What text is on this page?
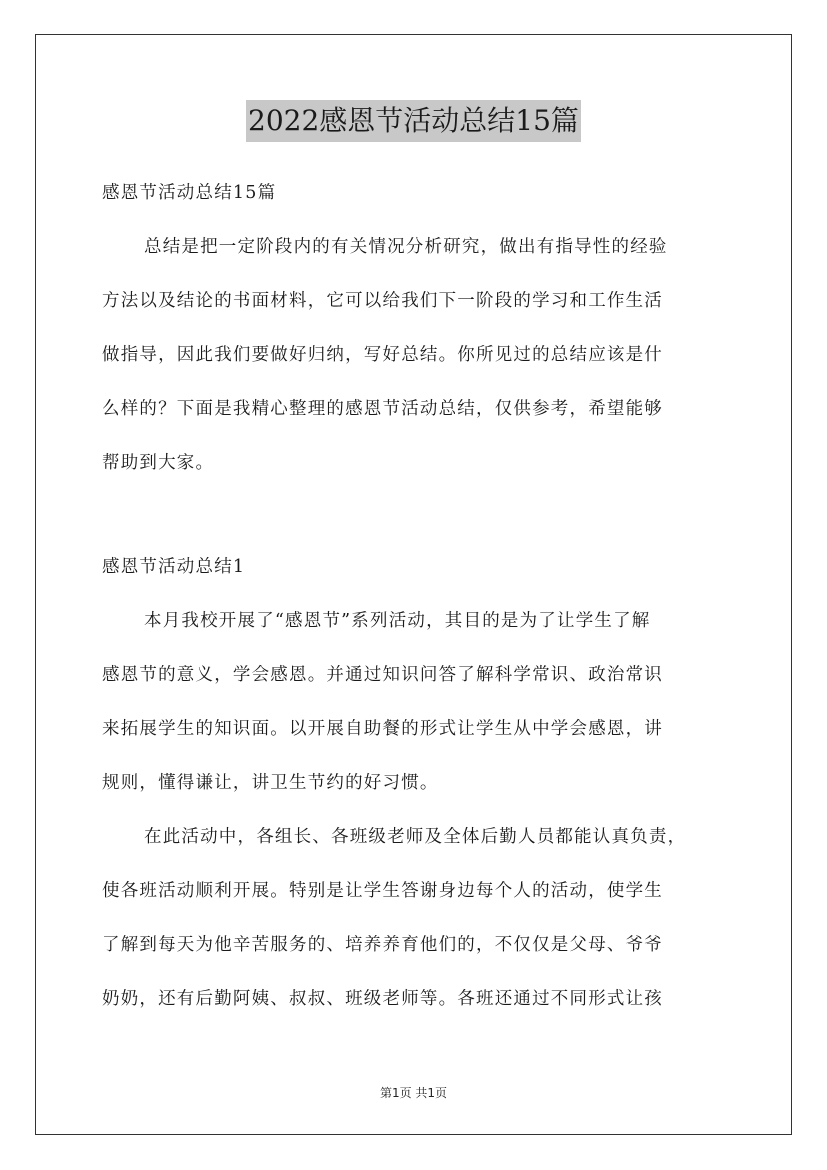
2022感恩节活动总结15篇
感恩节活动总结15篇
总结是把一定阶段内的有关情况分析研究，做出有指导性的经验
方法以及结论的书面材料，它可以给我们下一阶段的学习和工作生活
做指导，因此我们要做好归纳，写好总结。你所见过的总结应该是什
么样的？下面是我精心整理的感恩节活动总结，仅供参考，希望能够
帮助到大家。
感恩节活动总结1
本月我校开展了“感恩节”系列活动，其目的是为了让学生了解
感恩节的意义，学会感恩。并通过知识问答了解科学常识、政治常识
来拓展学生的知识面。以开展自助餐的形式让学生从中学会感恩，讲
规则，懂得谦让，讲卫生节约的好习惯。
在此活动中，各组长、各班级老师及全体后勤人员都能认真负责，
使各班活动顺利开展。特别是让学生答谢身边每个人的活动，使学生
了解到每天为他辛苦服务的、培养养育他们的，不仅仅是父母、爷爷
奶奶，还有后勤阿姨、叔叔、班级老师等。各班还通过不同形式让孩
第1页 共1页
